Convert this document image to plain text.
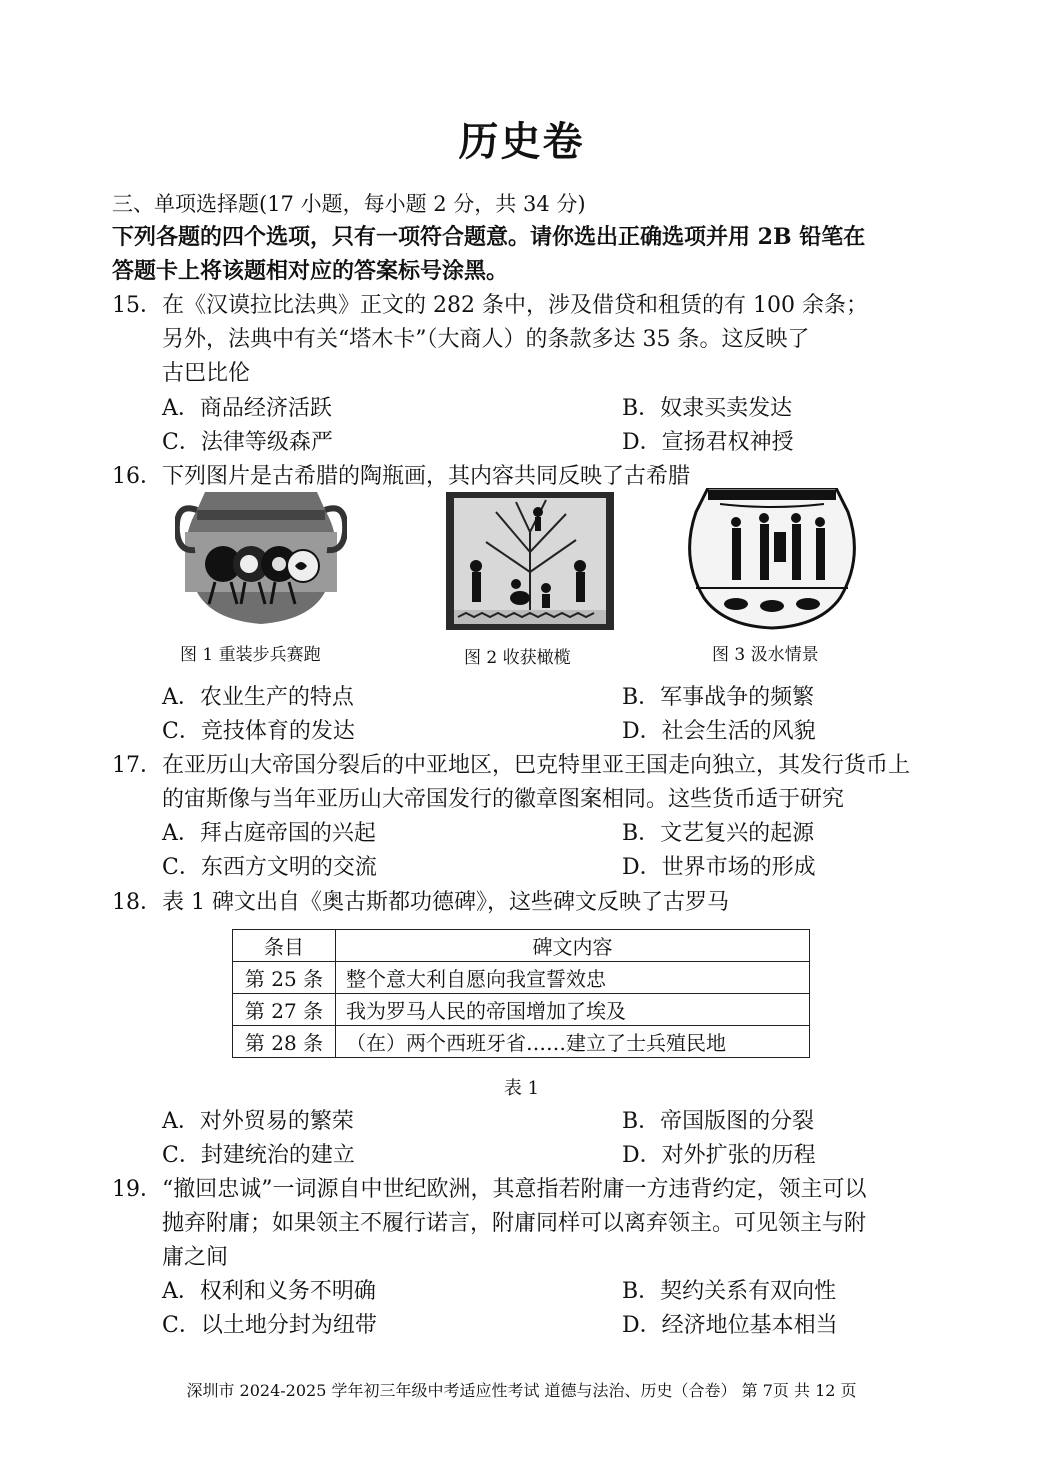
历史卷
三、单项选择题(17 小题，每小题 2 分，共 34 分)
下列各题的四个选项，只有一项符合题意。请你选出正确选项并用 2B 铅笔在
答题卡上将该题相对应的答案标号涂黑。
15． 在《汉谟拉比法典》正文的 282 条中，涉及借贷和租赁的有 100 余条；
另外，法典中有关“塔木卡”（大商人）的条款多达 35 条。这反映了
古巴比伦
A．商品经济活跃	B．奴隶买卖发达
C．法律等级森严	D．宣扬君权神授
16． 下列图片是古希腊的陶瓶画，其内容共同反映了古希腊
图 1 重装步兵赛跑	图 2 收获橄榄	图 3 汲水情景
A．农业生产的特点	B．军事战争的频繁
C．竞技体育的发达	D．社会生活的风貌
17． 在亚历山大帝国分裂后的中亚地区，巴克特里亚王国走向独立，其发行货币上
的宙斯像与当年亚历山大帝国发行的徽章图案相同。这些货币适于研究
A．拜占庭帝国的兴起	B．文艺复兴的起源
C．东西方文明的交流	D．世界市场的形成
18． 表 1 碑文出自《奥古斯都功德碑》，这些碑文反映了古罗马
条目	碑文内容
第 25 条	整个意大利自愿向我宣誓效忠
第 27 条	我为罗马人民的帝国增加了埃及
第 28 条	（在）两个西班牙省……建立了士兵殖民地
表 1
A．对外贸易的繁荣	B．帝国版图的分裂
C．封建统治的建立	D．对外扩张的历程
19． “撤回忠诚”一词源自中世纪欧洲，其意指若附庸一方违背约定，领主可以
抛弃附庸；如果领主不履行诺言，附庸同样可以离弃领主。可见领主与附
庸之间
A．权利和义务不明确	B．契约关系有双向性
C．以土地分封为纽带	D．经济地位基本相当
深圳市 2024-2025 学年初三年级中考适应性考试 道德与法治、历史（合卷） 第 7页 共 12 页
